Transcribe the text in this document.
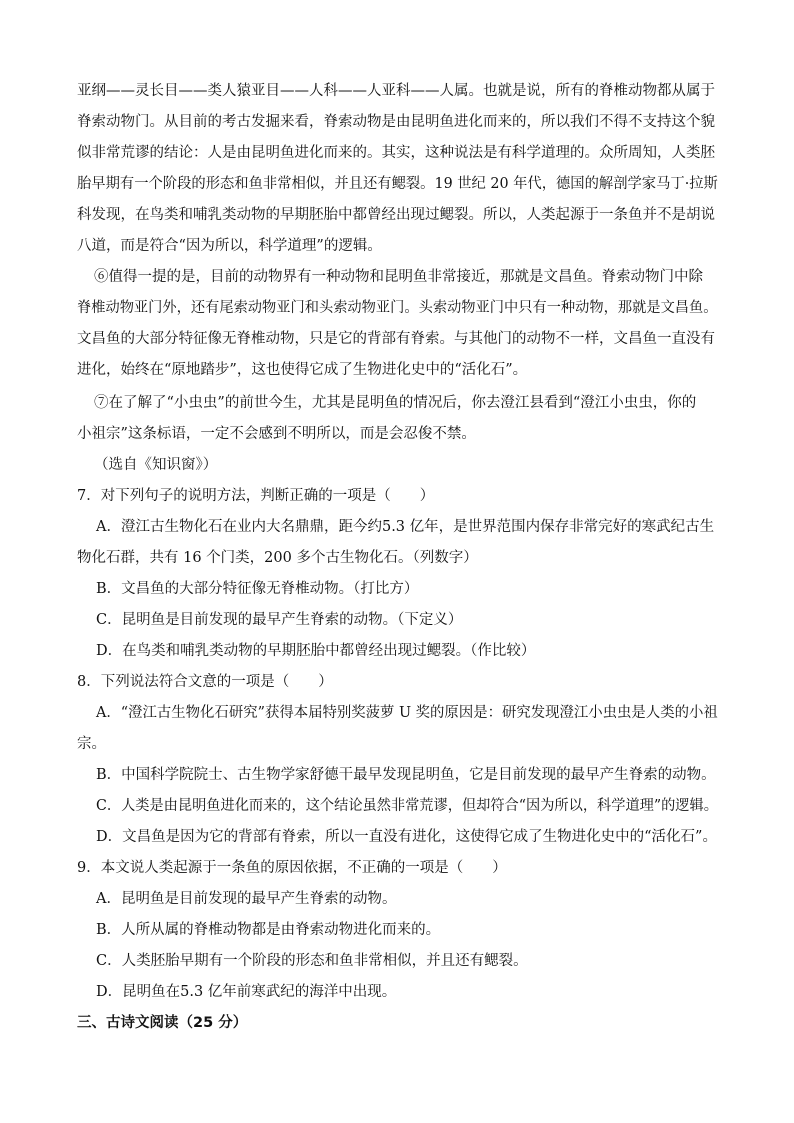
亚纲——灵长目——类人猿亚目——人科——人亚科——人属。也就是说，所有的脊椎动物都从属于
脊索动物门。从目前的考古发掘来看，脊索动物是由昆明鱼进化而来的，所以我们不得不支持这个貌
似非常荒谬的结论：人是由昆明鱼进化而来的。其实，这种说法是有科学道理的。众所周知，人类胚
胎早期有一个阶段的形态和鱼非常相似，并且还有鳃裂。19 世纪 20 年代，德国的解剖学家马丁·拉斯
科发现，在鸟类和哺乳类动物的早期胚胎中都曾经出现过鳃裂。所以，人类起源于一条鱼并不是胡说
八道，而是符合“因为所以，科学道理”的逻辑。
⑥值得一提的是，目前的动物界有一种动物和昆明鱼非常接近，那就是文昌鱼。脊索动物门中除
脊椎动物亚门外，还有尾索动物亚门和头索动物亚门。头索动物亚门中只有一种动物，那就是文昌鱼。
文昌鱼的大部分特征像无脊椎动物，只是它的背部有脊索。与其他门的动物不一样，文昌鱼一直没有
进化，始终在“原地踏步”，这也使得它成了生物进化史中的“活化石”。
⑦在了解了“小虫虫”的前世今生，尤其是昆明鱼的情况后，你去澄江县看到“澄江小虫虫，你的
小祖宗”这条标语，一定不会感到不明所以，而是会忍俊不禁。
（选自《知识窗》）
7．对下列句子的说明方法，判断正确的一项是（　　）
A．澄江古生物化石在业内大名鼎鼎，距今约5.3 亿年，是世界范围内保存非常完好的寒武纪古生
物化石群，共有 16 个门类，200 多个古生物化石。（列数字）
B．文昌鱼的大部分特征像无脊椎动物。（打比方）
C．昆明鱼是目前发现的最早产生脊索的动物。（下定义）
D．在鸟类和哺乳类动物的早期胚胎中都曾经出现过鳃裂。（作比较）
8．下列说法符合文意的一项是（　　）
A．“澄江古生物化石研究”获得本届特别奖菠萝 U 奖的原因是：研究发现澄江小虫虫是人类的小祖
宗。
B．中国科学院院士、古生物学家舒德干最早发现昆明鱼，它是目前发现的最早产生脊索的动物。
C．人类是由昆明鱼进化而来的，这个结论虽然非常荒谬，但却符合“因为所以，科学道理”的逻辑。
D．文昌鱼是因为它的背部有脊索，所以一直没有进化，这使得它成了生物进化史中的“活化石”。
9．本文说人类起源于一条鱼的原因依据，不正确的一项是（　　）
A．昆明鱼是目前发现的最早产生脊索的动物。
B．人所从属的脊椎动物都是由脊索动物进化而来的。
C．人类胚胎早期有一个阶段的形态和鱼非常相似，并且还有鳃裂。
D．昆明鱼在5.3 亿年前寒武纪的海洋中出现。
三、古诗文阅读（25 分）
